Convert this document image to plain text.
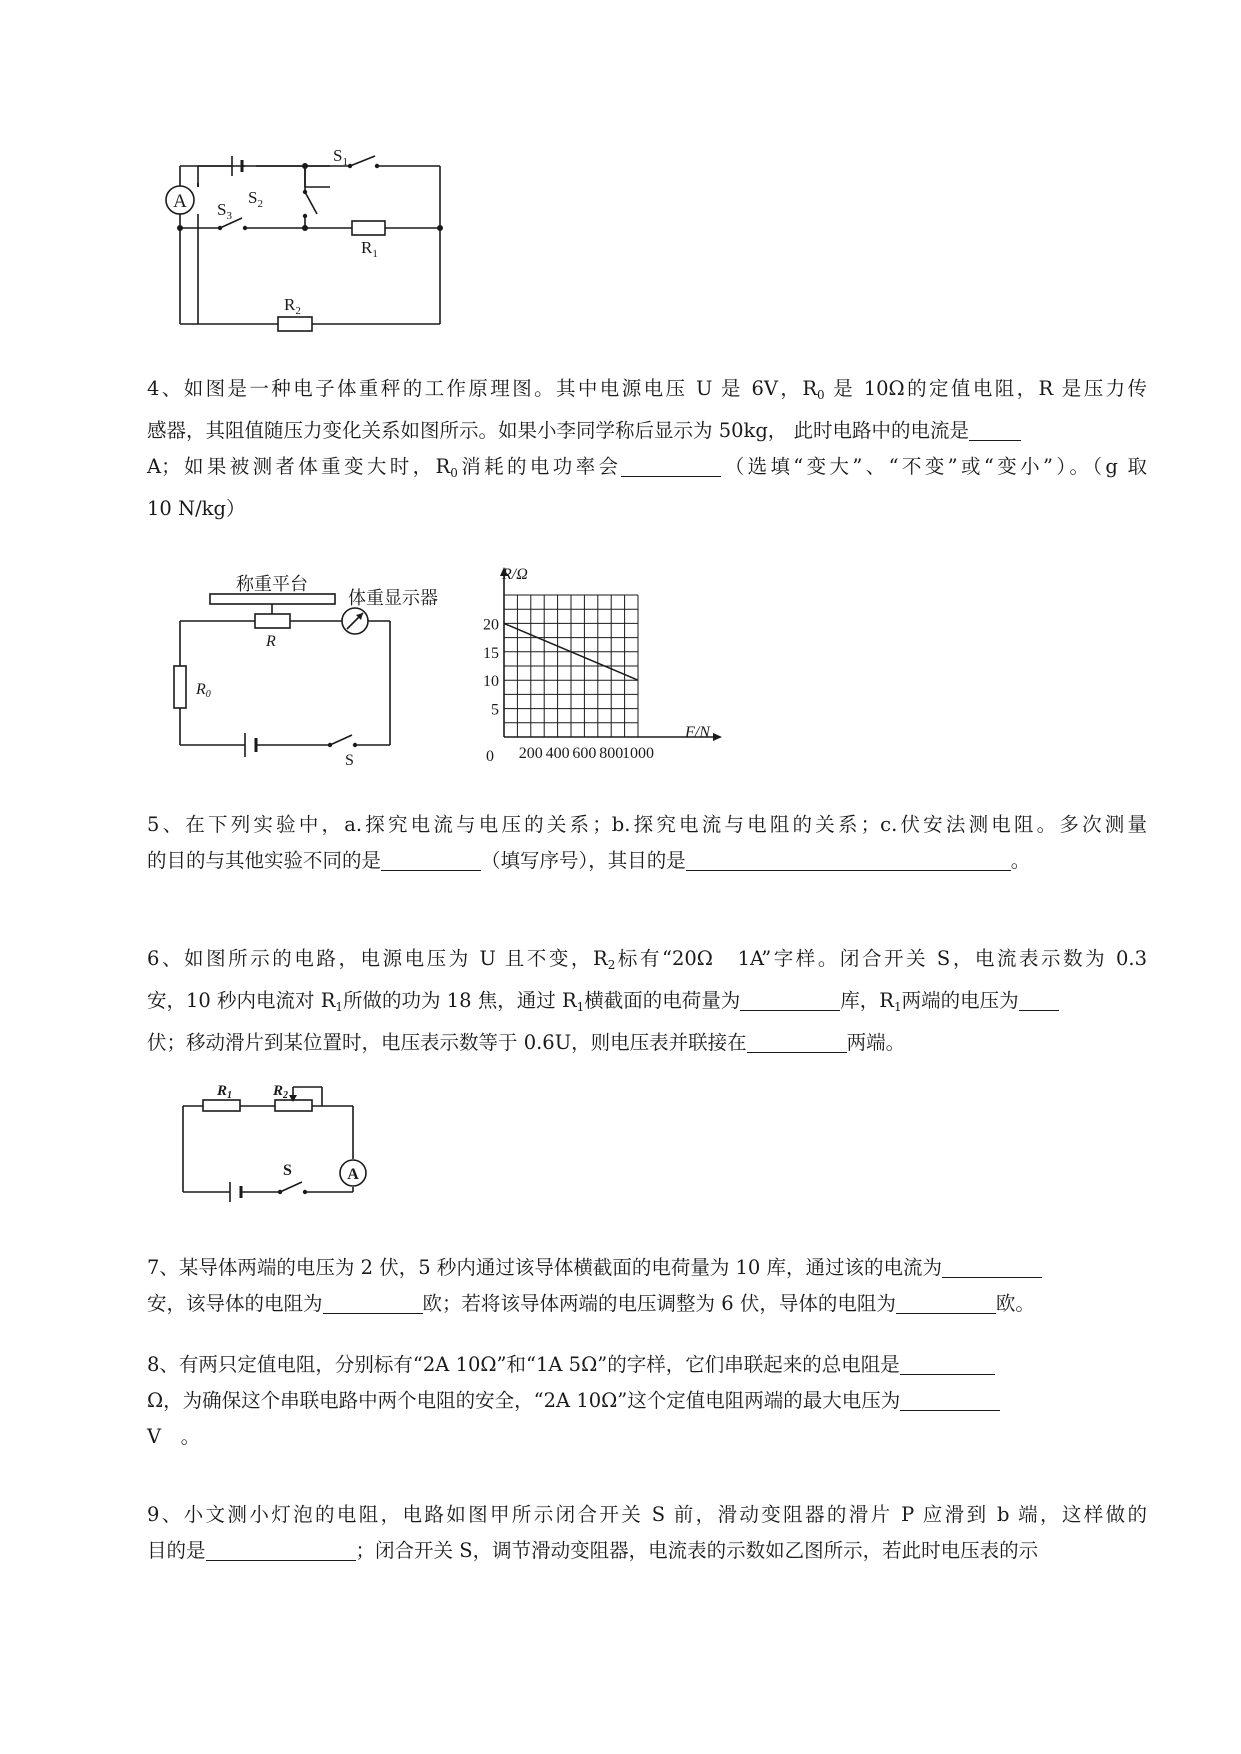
A
$S_1$
$S_2$
$S_3$
$R_1$
$R_2$
4、如图是一种电子体重秤的工作原理图。其中电源电压 U 是 6V，$R_0$ 是 10Ω的定值电阻，R 是压力传
感器，其阻值随压力变化关系如图所示。如果小李同学称后显示为 50kg， 此时电路中的电流是
A；如果被测者体重变大时，$R_0$消耗的电功率会	（选填“变大”、“不变”或“变小”）。（g 取
10 N/kg）
称重平台
体重显示器
R
R0
S
5
10
15
20
200 400 600 800
1000
R/Ω
F/N
0
5、在下列实验中，a.探究电流与电压的关系；b.探究电流与电阻的关系；c.伏安法测电阻。多次测量
的目的与其他实验不同的是	（填写序号），其目的是	。
6、如图所示的电路，电源电压为 U 且不变，$R_2$标有“20Ω　1A”字样。闭合开关 S，电流表示数为 0.3
安，10 秒内电流对 $R_1$所做的功为 18 焦，通过 $R_1$横截面的电荷量为	库，$R_1$两端的电压为
伏；移动滑片到某位置时，电压表示数等于 0.6U，则电压表并联接在	两端。
A
$R_1$	$R_2$
S
7、某导体两端的电压为 2 伏，5 秒内通过该导体横截面的电荷量为 10 库，通过该的电流为
安，该导体的电阻为	欧；若将该导体两端的电压调整为 6 伏，导体的电阻为	欧。
8、有两只定值电阻，分别标有“2A 10Ω”和“1A 5Ω”的字样，它们串联起来的总电阻是
Ω，为确保这个串联电路中两个电阻的安全，“2A 10Ω”这个定值电阻两端的最大电压为
V　。
9、小文测小灯泡的电阻，电路如图甲所示闭合开关 S 前，滑动变阻器的滑片 P 应滑到 b 端，这样做的
目的是	；闭合开关 S，调节滑动变阻器，电流表的示数如乙图所示，若此时电压表的示
